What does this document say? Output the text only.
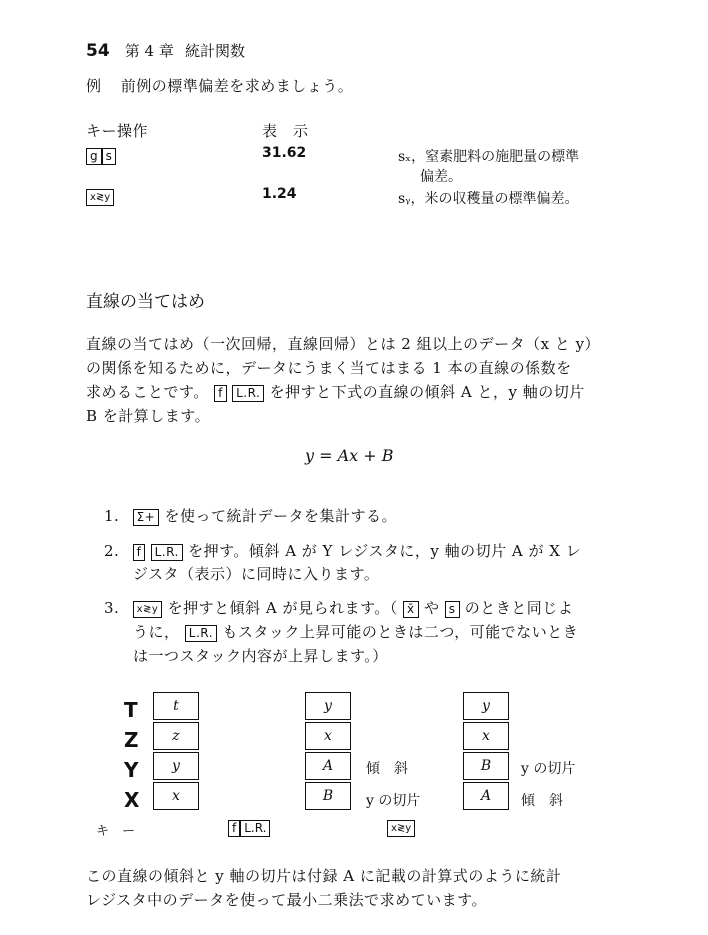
54 第 4 章 統計関数
例 前例の標準偏差を求めましょう。
キー操作	表　示
g s	31.62	sₓ，窒素肥料の施肥量の標準
偏差。
x≷y	1.24	sᵧ，米の収穫量の標準偏差。
直線の当てはめ
直線の当てはめ（一次回帰，直線回帰）とは 2 組以上のデータ（x と y）
の関係を知るために，データにうまく当てはまる 1 本の直線の係数を
求めることです。 f L.R. を押すと下式の直線の傾斜 A と，y 軸の切片
B を計算します。
y = Ax + B
1. Σ+ を使って統計データを集計する。
2. f L.R. を押す。傾斜 A が Y レジスタに，y 軸の切片 A が X レ
ジスタ（表示）に同時に入ります。
3. x≷y を押すと傾斜 A が見られます。（ x̄ や s のときと同じよ
うに， L.R. もスタック上昇可能のときは二つ，可能でないとき
は一つスタック内容が上昇します。）
T
Z
Y
X
キ　ー
t
z
y
x
y
x
A
B
傾　斜
y の切片
y
x
B
A
y の切片
傾　斜
f L.R.	x≷y
この直線の傾斜と y 軸の切片は付録 A に記載の計算式のように統計
レジスタ中のデータを使って最小二乗法で求めています。
